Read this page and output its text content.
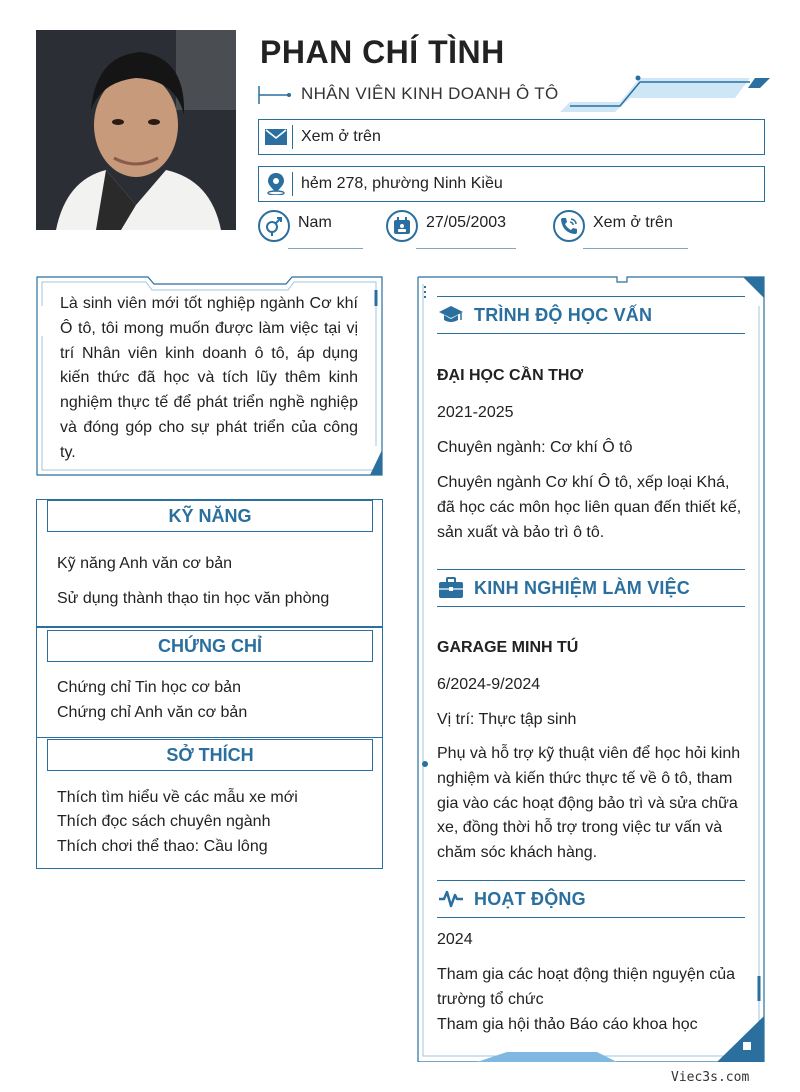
PHAN CHÍ TÌNH
NHÂN VIÊN KINH DOANH Ô TÔ
Xem ở trên
hẻm 278, phường Ninh Kiều
Nam	27/05/2003	Xem ở trên
Là sinh viên mới tốt nghiệp ngành Cơ khí Ô tô, tôi mong muốn được làm việc tại vị trí Nhân viên kinh doanh ô tô, áp dụng kiến thức đã học và tích lũy thêm kinh nghiệm thực tế để phát triển nghề nghiệp và đóng góp cho sự phát triển của công ty.
KỸ NĂNG
Kỹ năng Anh văn cơ bản
Sử dụng thành thạo tin học văn phòng
CHỨNG CHỈ
Chứng chỉ Tin học cơ bản
Chứng chỉ Anh văn cơ bản
SỞ THÍCH
Thích tìm hiểu về các mẫu xe mới
Thích đọc sách chuyên ngành
Thích chơi thể thao: Cầu lông
TRÌNH ĐỘ HỌC VẤN
ĐẠI HỌC CẦN THƠ
2021-2025
Chuyên ngành: Cơ khí Ô tô
Chuyên ngành Cơ khí Ô tô, xếp loại Khá, đã học các môn học liên quan đến thiết kế, sản xuất và bảo trì ô tô.
KINH NGHIỆM LÀM VIỆC
GARAGE MINH TÚ
6/2024-9/2024
Vị trí: Thực tập sinh
Phụ và hỗ trợ kỹ thuật viên để học hỏi kinh nghiệm và kiến thức thực tế về ô tô, tham gia vào các hoạt động bảo trì và sửa chữa xe, đồng thời hỗ trợ trong việc tư vấn và chăm sóc khách hàng.
HOẠT ĐỘNG
2024
Tham gia các hoạt động thiện nguyện của trường tổ chức
Tham gia hội thảo Báo cáo khoa học
Viec3s.com
